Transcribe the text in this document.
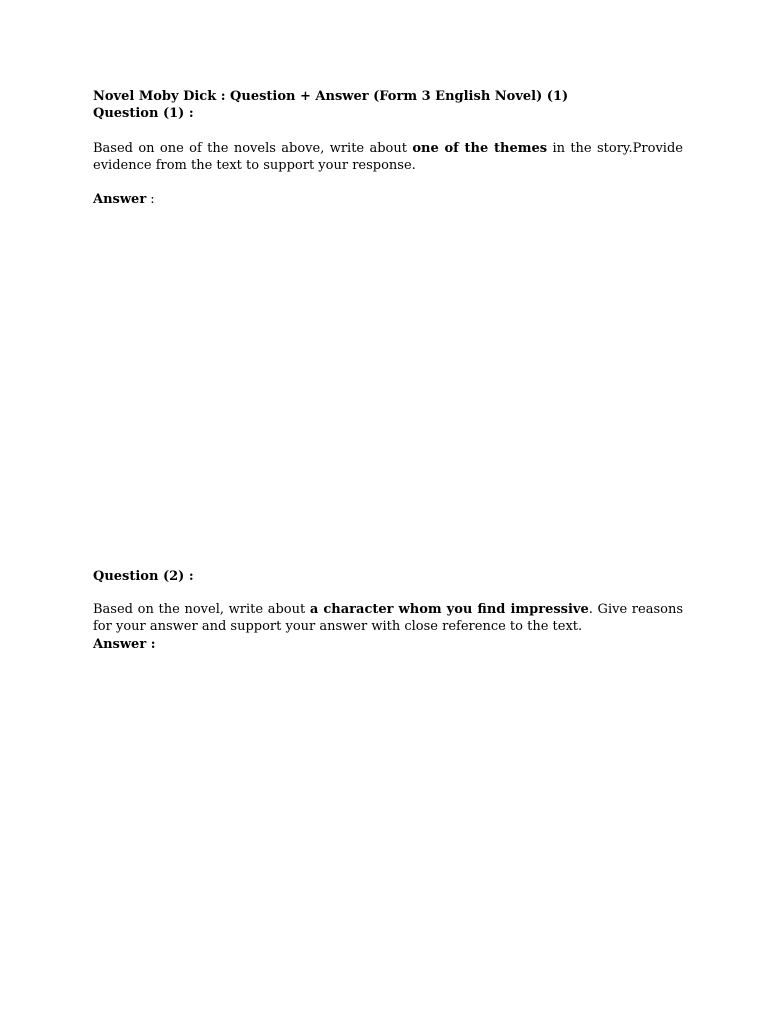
Novel Moby Dick : Question + Answer (Form 3 English Novel) (1)
Question (1) :
Based on one of the novels above, write about one of the themes in the story.Provide evidence from the text to support your response.
Answer :
Question (2) :
Based on the novel, write about a character whom you find impressive. Give reasons for your answer and support your answer with close reference to the text.
Answer :
